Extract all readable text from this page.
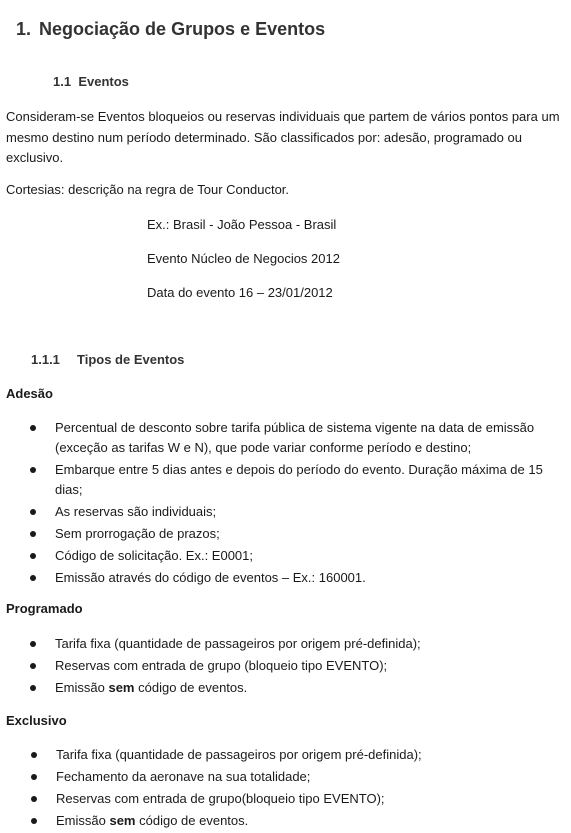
1. Negociação de Grupos e Eventos
1.1 Eventos
Consideram-se Eventos bloqueios ou reservas individuais que partem de vários pontos para um mesmo destino num período determinado. São classificados por: adesão, programado ou exclusivo.
Cortesias: descrição na regra de Tour Conductor.
Ex.: Brasil - João Pessoa - Brasil
Evento Núcleo de Negocios 2012
Data do evento 16 – 23/01/2012
1.1.1 Tipos de Eventos
Adesão
Percentual de desconto sobre tarifa pública de sistema vigente na data de emissão (exceção as tarifas W e N), que pode variar conforme período e destino;
Embarque entre 5 dias antes e depois do período do evento. Duração máxima de 15 dias;
As reservas são individuais;
Sem prorrogação de prazos;
Código de solicitação. Ex.: E0001;
Emissão através do código de eventos – Ex.: 160001.
Programado
Tarifa fixa (quantidade de passageiros por origem pré-definida);
Reservas com entrada de grupo (bloqueio tipo EVENTO);
Emissão sem código de eventos.
Exclusivo
Tarifa fixa (quantidade de passageiros por origem pré-definida);
Fechamento da aeronave na sua totalidade;
Reservas com entrada de grupo(bloqueio tipo EVENTO);
Emissão sem código de eventos.
